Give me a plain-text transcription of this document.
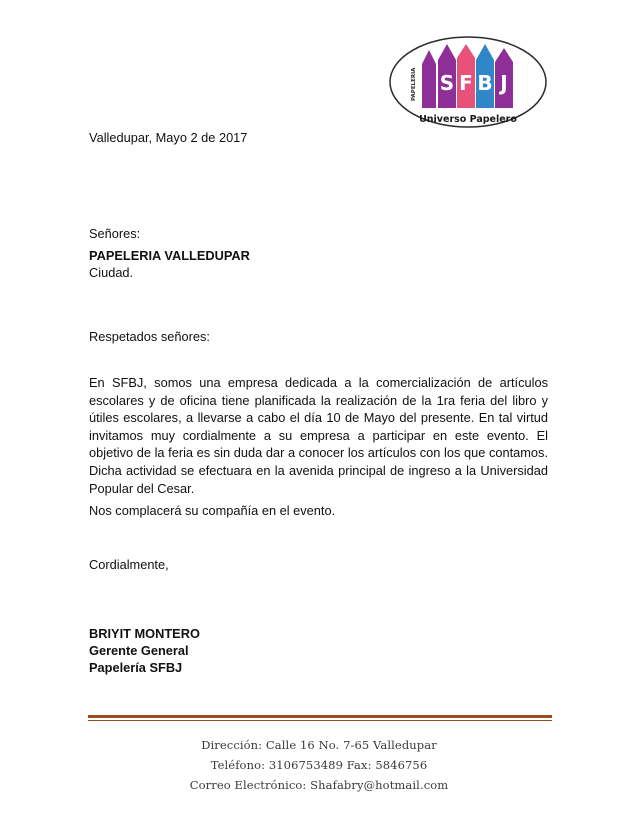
S F B J
PAPELERIA
Universo Papelero
Valledupar, Mayo 2 de 2017
Señores:
PAPELERIA VALLEDUPAR
Ciudad.
Respetados señores:
En SFBJ, somos una empresa dedicada a la comercialización de artículos escolares y de oficina tiene planificada la realización de la 1ra feria del libro y útiles escolares, a llevarse a cabo el día 10 de Mayo del presente. En tal virtud invitamos muy cordialmente a su empresa a participar en este evento. El objetivo de la feria es sin duda dar a conocer los artículos con los que contamos. Dicha actividad se efectuara en la avenida principal de ingreso a la Universidad Popular del Cesar.
Nos complacerá su compañía en el evento.
Cordialmente,
BRIYIT MONTERO
Gerente General
Papelería SFBJ
Dirección: Calle 16 No. 7-65 Valledupar
Teléfono: 3106753489 Fax: 5846756
Correo Electrónico: Shafabry@hotmail.com
